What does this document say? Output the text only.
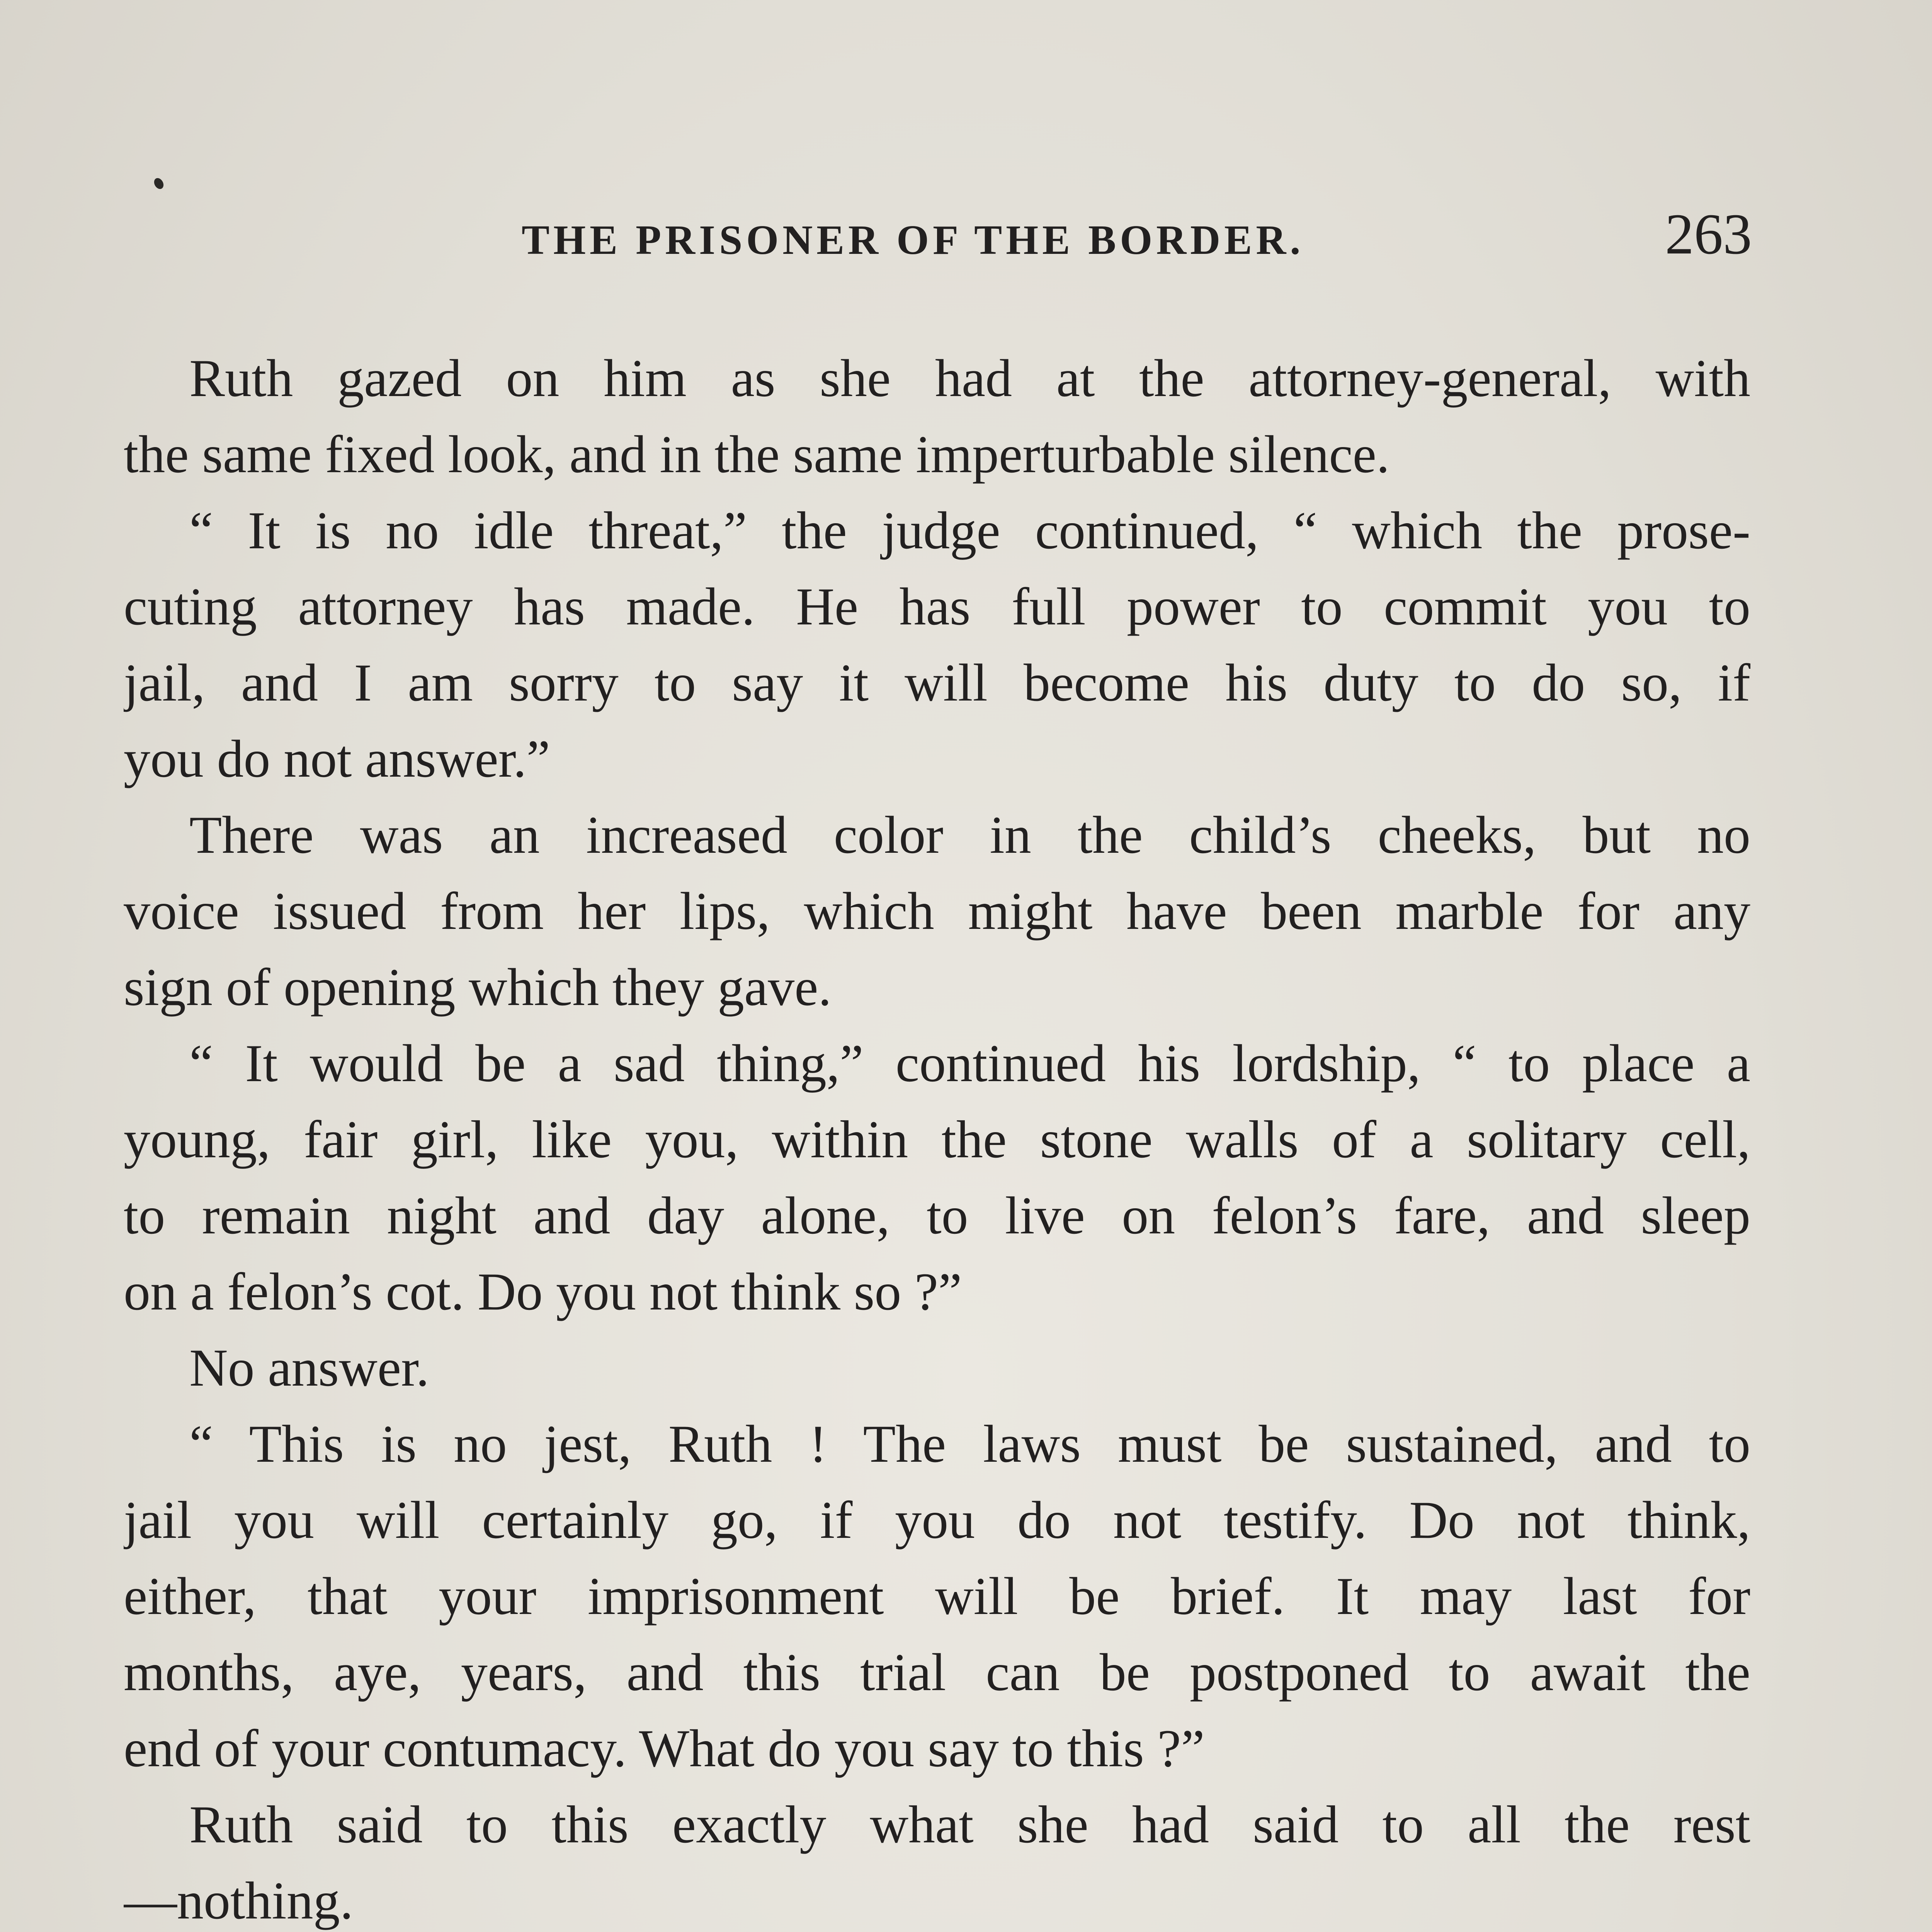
THE PRISONER OF THE BORDER.	263
Ruth gazed on him as she had at the attorney-general, with
the same fixed look, and in the same imperturbable silence.
“ It is no idle threat,” the judge continued, “ which the prose-
cuting attorney has made. He has full power to commit you to
jail, and I am sorry to say it will become his duty to do so, if
you do not answer.”
There was an increased color in the child’s cheeks, but no
voice issued from her lips, which might have been marble for any
sign of opening which they gave.
“ It would be a sad thing,” continued his lordship, “ to place a
young, fair girl, like you, within the stone walls of a solitary cell,
to remain night and day alone, to live on felon’s fare, and sleep
on a felon’s cot. Do you not think so ?”
No answer.
“ This is no jest, Ruth ! The laws must be sustained, and to
jail you will certainly go, if you do not testify. Do not think,
either, that your imprisonment will be brief. It may last for
months, aye, years, and this trial can be postponed to await the
end of your contumacy. What do you say to this ?”
Ruth said to this exactly what she had said to all the rest
—nothing.
